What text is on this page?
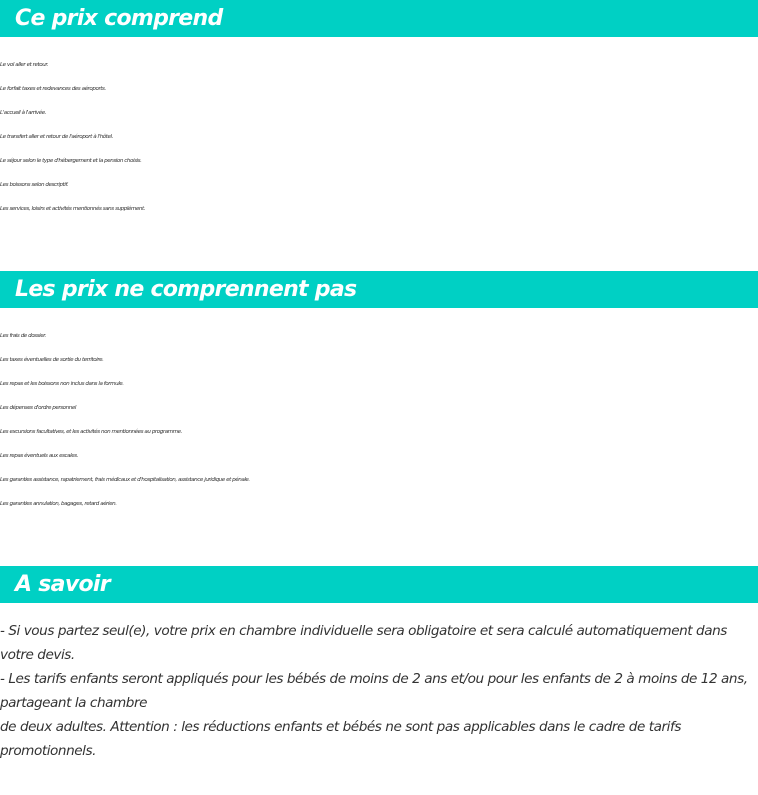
Ce prix comprend
Le vol aller et retour.
Le forfait taxes et redevances des aéroports.
L'accueil à l'arrivée.
Le transfert aller et retour de l'aéroport à l'hôtel.
Le séjour selon le type d'hébergement et la pension choisis.
Les boissons selon descriptif.
Les services, loisirs et activités mentionnés sans supplément.
Les prix ne comprennent pas
Les frais de dossier.
Les taxes éventuelles de sortie du territoire.
Les repas et les boissons non inclus dans la formule.
Les dépenses d'ordre personnel
Les excursions facultatives, et les activités non mentionnées au programme.
Les repas éventuels aux escales.
Les garanties assistance, rapatriement, frais médicaux et d'hospitalisation, assistance juridique et pénale.
Les garanties annulation, bagages, retard aérien.
A savoir
- Si vous partez seul(e), votre prix en chambre individuelle sera obligatoire et sera calculé automatiquement dans votre devis.
- Les tarifs enfants seront appliqués pour les bébés de moins de 2 ans et/ou pour les enfants de 2 à moins de 12 ans, partageant la chambre
de deux adultes. Attention : les réductions enfants et bébés ne sont pas applicables dans le cadre de tarifs promotionnels.
